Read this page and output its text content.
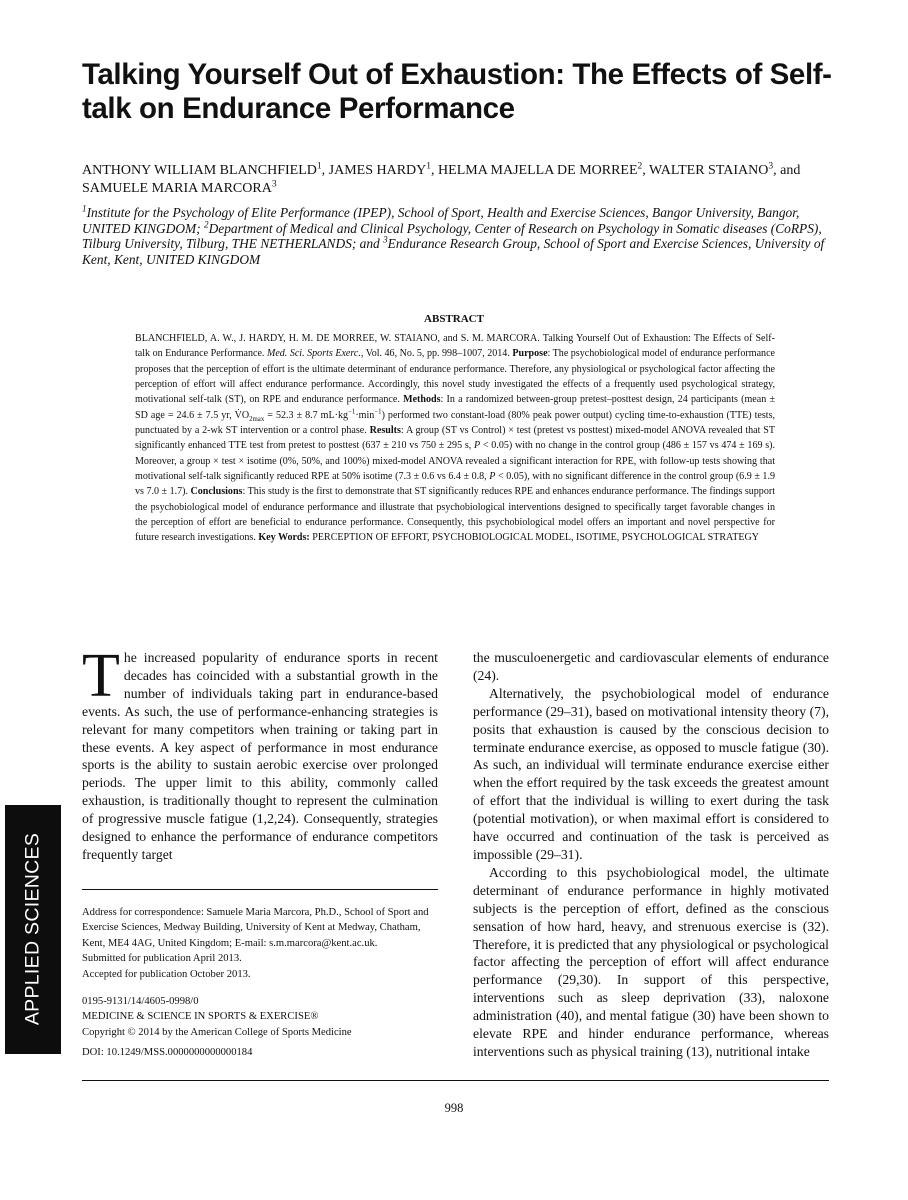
Talking Yourself Out of Exhaustion: The Effects of Self-talk on Endurance Performance
ANTHONY WILLIAM BLANCHFIELD$^1$, JAMES HARDY$^1$, HELMA MAJELLA DE MORREE$^2$, WALTER STAIANO$^3$, and SAMUELE MARIA MARCORA$^3$
$^1$Institute for the Psychology of Elite Performance (IPEP), School of Sport, Health and Exercise Sciences, Bangor University, Bangor, UNITED KINGDOM; $^2$Department of Medical and Clinical Psychology, Center of Research on Psychology in Somatic diseases (CoRPS), Tilburg University, Tilburg, THE NETHERLANDS; and $^3$Endurance Research Group, School of Sport and Exercise Sciences, University of Kent, Kent, UNITED KINGDOM
ABSTRACT

BLANCHFIELD, A. W., J. HARDY, H. M. DE MORREE, W. STAIANO, and S. M. MARCORA. Talking Yourself Out of Exhaustion: The Effects of Self-talk on Endurance Performance. Med. Sci. Sports Exerc., Vol. 46, No. 5, pp. 998–1007, 2014. Purpose: The psychobiological model of endurance performance proposes that the perception of effort is the ultimate determinant of endurance performance. Therefore, any physiological or psychological factor affecting the perception of effort will affect endurance performance. Accordingly, this novel study investigated the effects of a frequently used psychological strategy, motivational self-talk (ST), on RPE and endurance performance. Methods: In a randomized between-group pretest–posttest design, 24 participants (mean ± SD age = 24.6 ± 7.5 yr, $V̇O_{2max} = 52.3 \pm 8.7$ $mL\cdot kg^{-1}\cdot\min^{-1}$) performed two constant-load (80% peak power output) cycling time-to-exhaustion (TTE) tests, punctuated by a 2-wk ST intervention or a control phase. Results: A group (ST vs Control) × test (pretest vs posttest) mixed-model ANOVA revealed that ST significantly enhanced TTE test from pretest to posttest (637 ± 210 vs 750 ± 295 s, P < 0.05) with no change in the control group (486 ± 157 vs 474 ± 169 s). Moreover, a group × test × isotime (0%, 50%, and 100%) mixed-model ANOVA revealed a significant interaction for RPE, with follow-up tests showing that motivational self-talk significantly reduced RPE at 50% isotime (7.3 ± 0.6 vs 6.4 ± 0.8, P < 0.05), with no significant difference in the control group (6.9 ± 1.9 vs 7.0 ± 1.7). Conclusions: This study is the first to demonstrate that ST significantly reduces RPE and enhances endurance performance. The findings support the psychobiological model of endurance performance and illustrate that psychobiological interventions designed to specifically target favorable changes in the perception of effort are beneficial to endurance performance. Consequently, this psychobiological model offers an important and novel perspective for future research investigations. Key Words: PERCEPTION OF EFFORT, PSYCHOBIOLOGICAL MODEL, ISOTIME, PSYCHOLOGICAL STRATEGY

The increased popularity of endurance sports in recent decades has coincided with a substantial growth in the number of individuals taking part in endurance-based events. As such, the use of performance-enhancing strategies is relevant for many competitors when training or taking part in these events. A key aspect of performance in most endurance sports is the ability to sustain aerobic exercise over prolonged periods. The upper limit to this ability, commonly called exhaustion, is traditionally thought to represent the culmination of progressive muscle fatigue (1,2,24). Consequently, strategies designed to enhance the performance of endurance competitors frequently target

the musculoenergetic and cardiovascular elements of endurance (24).

Alternatively, the psychobiological model of endurance performance (29–31), based on motivational intensity theory (7), posits that exhaustion is caused by the conscious decision to terminate endurance exercise, as opposed to muscle fatigue (30). As such, an individual will terminate endurance exercise either when the effort required by the task exceeds the greatest amount of effort that the individual is willing to exert during the task (potential motivation), or when maximal effort is considered to have occurred and continuation of the task is perceived as impossible (29–31).

According to this psychobiological model, the ultimate determinant of endurance performance in highly motivated subjects is the perception of effort, defined as the conscious sensation of how hard, heavy, and strenuous exercise is (32). Therefore, it is predicted that any physiological or psychological factor affecting the perception of effort will affect endurance performance (29,30). In support of this perspective, interventions such as sleep deprivation (33), naloxone administration (40), and mental fatigue (30) have been shown to elevate RPE and hinder endurance performance, whereas interventions such as physical training (13), nutritional intake

Address for correspondence: Samuele Maria Marcora, Ph.D., School of Sport and Exercise Sciences, Medway Building, University of Kent at Medway, Chatham, Kent, ME4 4AG, United Kingdom; E-mail: s.m.marcora@kent.ac.uk.

Submitted for publication April 2013.

Accepted for publication October 2013.

0195-9131/14/4605-0998/0

MEDICINE & SCIENCE IN SPORTS & EXERCISE®

Copyright © 2014 by the American College of Sports Medicine

DOI: 10.1249/MSS.0000000000000184

APPLIED SCIENCES
998
